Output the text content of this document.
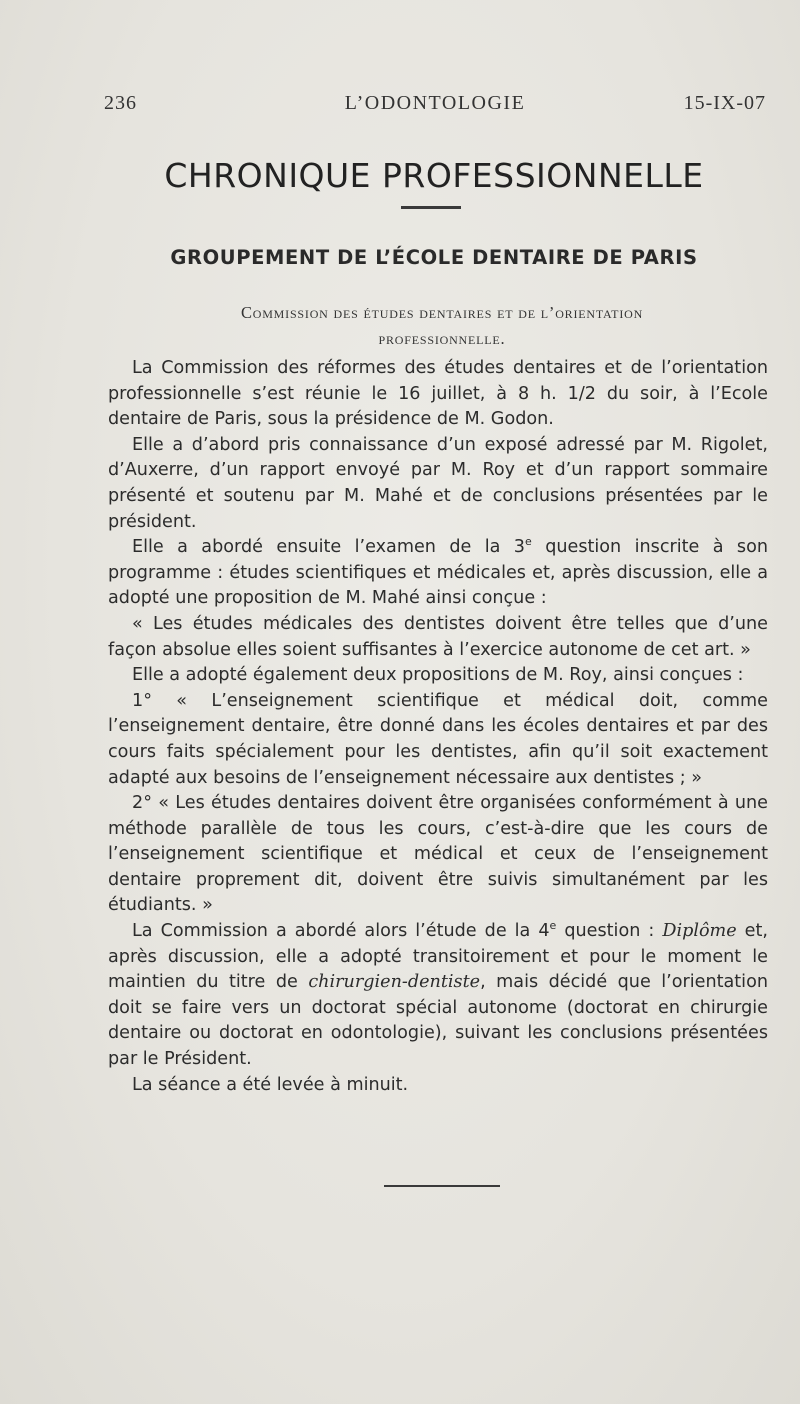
236	L’ODONTOLOGIE	15-IX-07
CHRONIQUE PROFESSIONNELLE
GROUPEMENT DE L’ÉCOLE DENTAIRE DE PARIS
Commission des études dentaires et de l’orientation
professionnelle.

La Commission des réformes des études dentaires et de l’orientation professionnelle s’est réunie le 16 juillet, à 8 h. 1/2 du soir, à l’Ecole dentaire de Paris, sous la présidence de M. Godon.

Elle a d’abord pris connaissance d’un exposé adressé par M. Rigolet, d’Auxerre, d’un rapport envoyé par M. Roy et d’un rapport sommaire présenté et soutenu par M. Mahé et de conclusions présentées par le président.

Elle a abordé ensuite l’examen de la 3e question inscrite à son programme : études scientifiques et médicales et, après discussion, elle a adopté une proposition de M. Mahé ainsi conçue :

« Les études médicales des dentistes doivent être telles que d’une façon absolue elles soient suffisantes à l’exercice autonome de cet art. »

Elle a adopté également deux propositions de M. Roy, ainsi conçues :

1° « L’enseignement scientifique et médical doit, comme l’enseignement dentaire, être donné dans les écoles dentaires et par des cours faits spécialement pour les dentistes, afin qu’il soit exactement adapté aux besoins de l’enseignement nécessaire aux dentistes ; »

2° « Les études dentaires doivent être organisées conformément à une méthode parallèle de tous les cours, c’est-à-dire que les cours de l’enseignement scientifique et médical et ceux de l’enseignement dentaire proprement dit, doivent être suivis simultanément par les étudiants. »

La Commission a abordé alors l’étude de la 4e question : Diplôme et, après discussion, elle a adopté transitoirement et pour le moment le maintien du titre de chirurgien-dentiste, mais décidé que l’orientation doit se faire vers un doctorat spécial autonome (doctorat en chirurgie dentaire ou doctorat en odontologie), suivant les conclusions présentées par le Président.

La séance a été levée à minuit.
